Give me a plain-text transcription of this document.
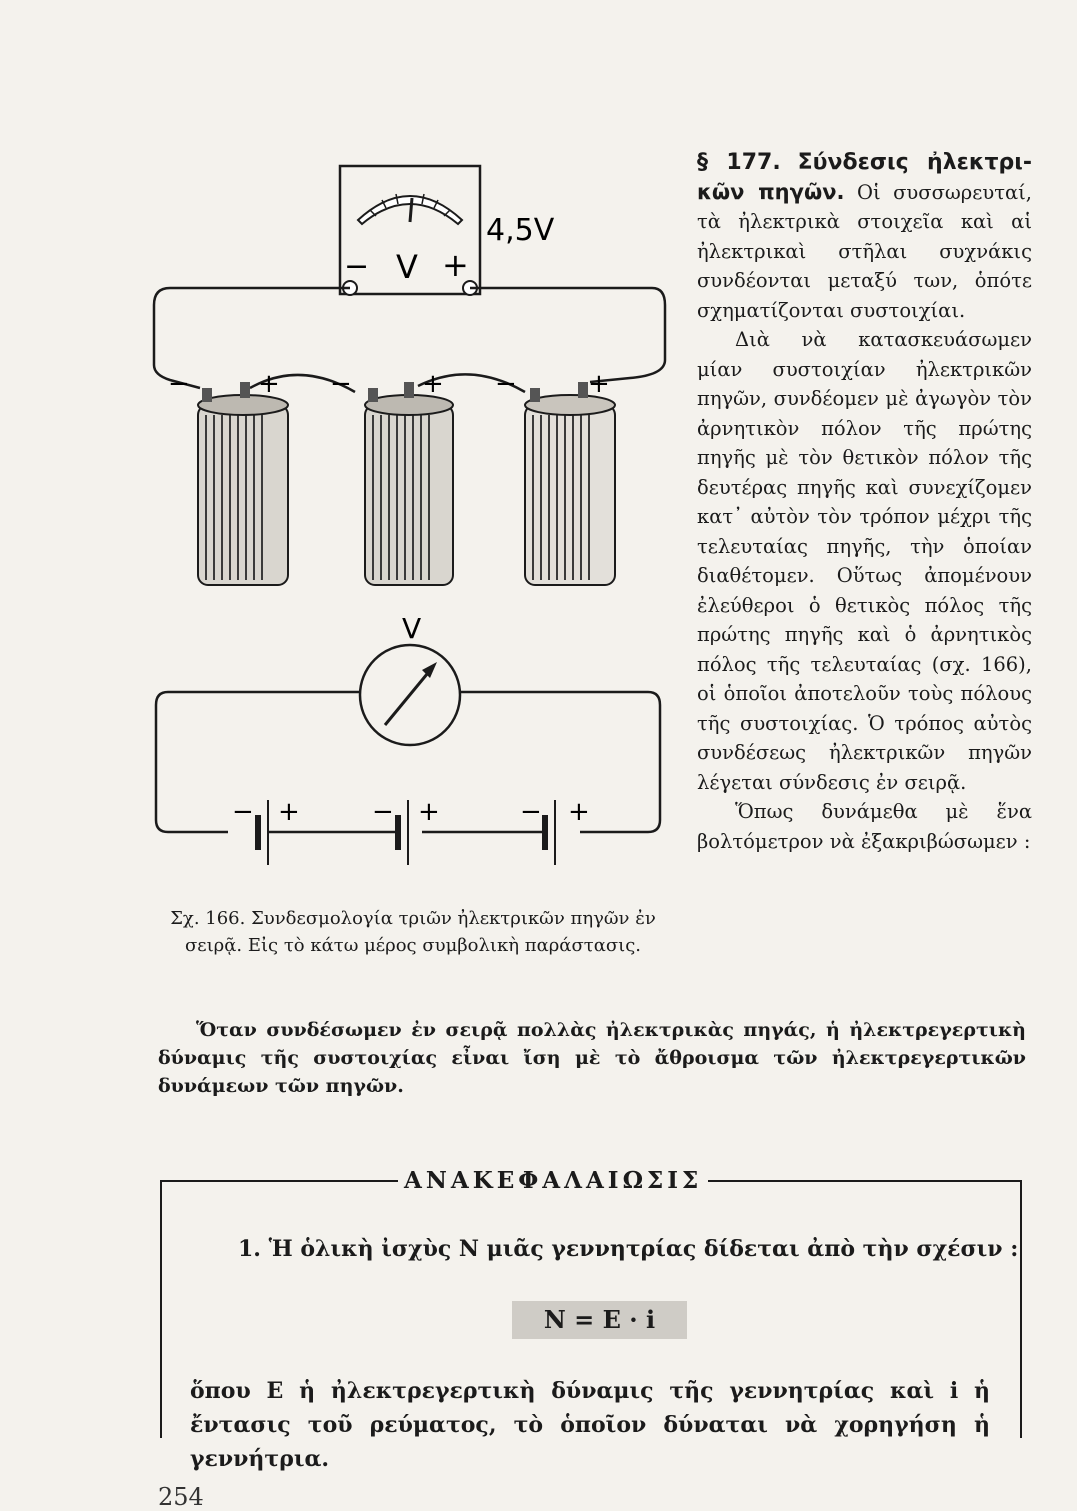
− V +
4,5V
−	+ −	+ −	+
V
− +	− +	− +

§ 177. Σύνδεσις ἠλεκτρι- κῶν πηγῶν. Οἱ συσσωρευταί, τὰ ἠλεκτρικὰ στοιχεῖα καὶ αἱ ἠλεκτρικαὶ στῆλαι συχνάκις συνδέονται μεταξύ των, ὁπότε σχηματίζονται συστοιχίαι.

Διὰ νὰ κατασκευάσωμεν μίαν συστοιχίαν ἠλεκτρικῶν πηγῶν, συνδέομεν μὲ ἀγωγὸν τὸν ἀρνητικὸν πόλον τῆς πρώτης πηγῆς μὲ τὸν θετικὸν πόλον τῆς δευτέρας πηγῆς καὶ συνεχίζομεν κατ᾽ αὐτὸν τὸν τρόπον μέχρι τῆς τελευταίας πηγῆς, τὴν ὁποίαν διαθέτομεν. Οὕτως ἀπομένουν ἐλεύθεροι ὁ θετικὸς πόλος τῆς πρώτης πηγῆς καὶ ὁ ἀρνητικὸς πόλος τῆς τελευταίας (σχ. 166), οἱ ὁποῖοι ἀποτελοῦν τοὺς πόλους τῆς συστοιχίας. Ὁ τρόπος αὐτὸς συνδέσεως ἠλεκτρικῶν πηγῶν λέγεται σύνδεσις ἐν σειρᾷ.

Ὅπως δυνάμεθα μὲ ἕνα βολτόμετρον νὰ ἐξακριβώσωμεν :

Σχ. 166. Συνδεσμολογία τριῶν ἠλεκτρικῶν πηγῶν ἐν σειρᾷ. Εἰς τὸ κάτω μέρος συμβολικὴ παράστασις.
Ὅταν συνδέσωμεν ἐν σειρᾷ πολλὰς ἠλεκτρικὰς πηγάς, ἡ ἠλεκτρεγερτικὴ δύναμις τῆς συστοιχίας εἶναι ἴση μὲ τὸ ἄθροισμα τῶν ἠλεκτρεγερτικῶν δυνάμεων τῶν πηγῶν.
ΑΝΑΚΕΦΑΛΑΙΩΣΙΣ
1. Ἡ ὁλικὴ ἰσχὺς Ν μιᾶς γεννητρίας δίδεται ἀπὸ τὴν σχέσιν :
N = E · i
ὅπου Ε ἡ ἠλεκτρεγερτικὴ δύναμις τῆς γεννητρίας καὶ i ἡ ἔντασις τοῦ ρεύματος, τὸ ὁποῖον δύναται νὰ χορηγήση ἡ γεννήτρια.
254
